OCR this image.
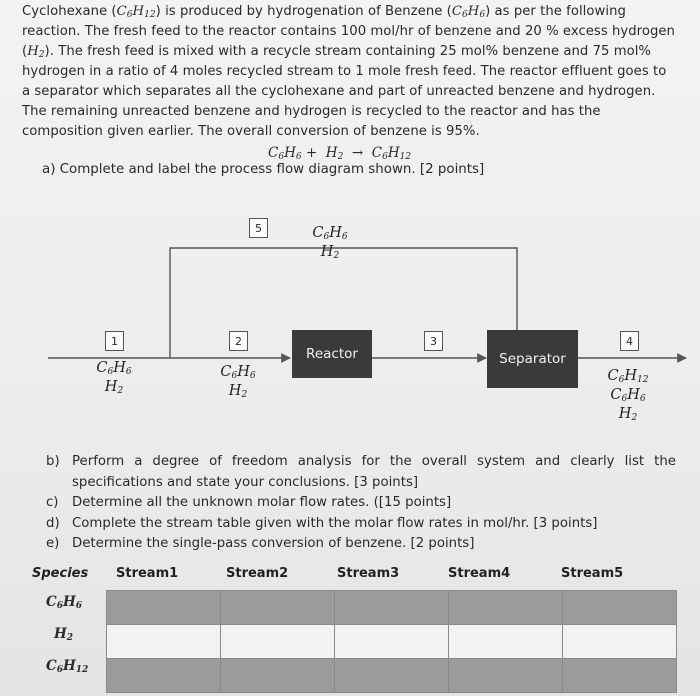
Cyclohexane $(C_6H_{12})$ is produced by hydrogenation of Benzene $(C_6H_6)$ as per the following
reaction. The fresh feed to the reactor contains 100 mol/hr of benzene and 20 % excess hydrogen
$(H_2)$. The fresh feed is mixed with a recycle stream containing 25 mol% benzene and 75 mol%
hydrogen in a ratio of 4 moles recycled stream to 1 mole fresh feed. The reactor effluent goes to
a separator which separates all the cyclohexane and part of unreacted benzene and hydrogen.
The remaining unreacted benzene and hydrogen is recycled to the reactor and has the
composition given earlier. The overall conversion of benzene is 95%.
$C_6H_6 + H_2 \to C_6H_{12}$
a) Complete and label the process flow diagram shown. [2 points]
Reactor	Separator
1	2	3	4
5
$C_6H_6$
$H_2$
$C_6H_6$
$H_2$
$C_6H_6$
$H_2$
$C_6H_{12}$
$C_6H_6$
$H_2$
b) Perform a degree of freedom analysis for the overall system and clearly list the specifications and state your conclusions. [3 points]
c)	Determine all the unknown molar flow rates. ([15 points]
d) Complete the stream table given with the molar flow rates in mol/hr. [3 points]
e) Determine the single-pass conversion of benzene. [2 points]
Species Stream1	Stream2	Stream3	Stream4	Stream5
$C_6H_6$
$H_2$
$C_6H_{12}$
